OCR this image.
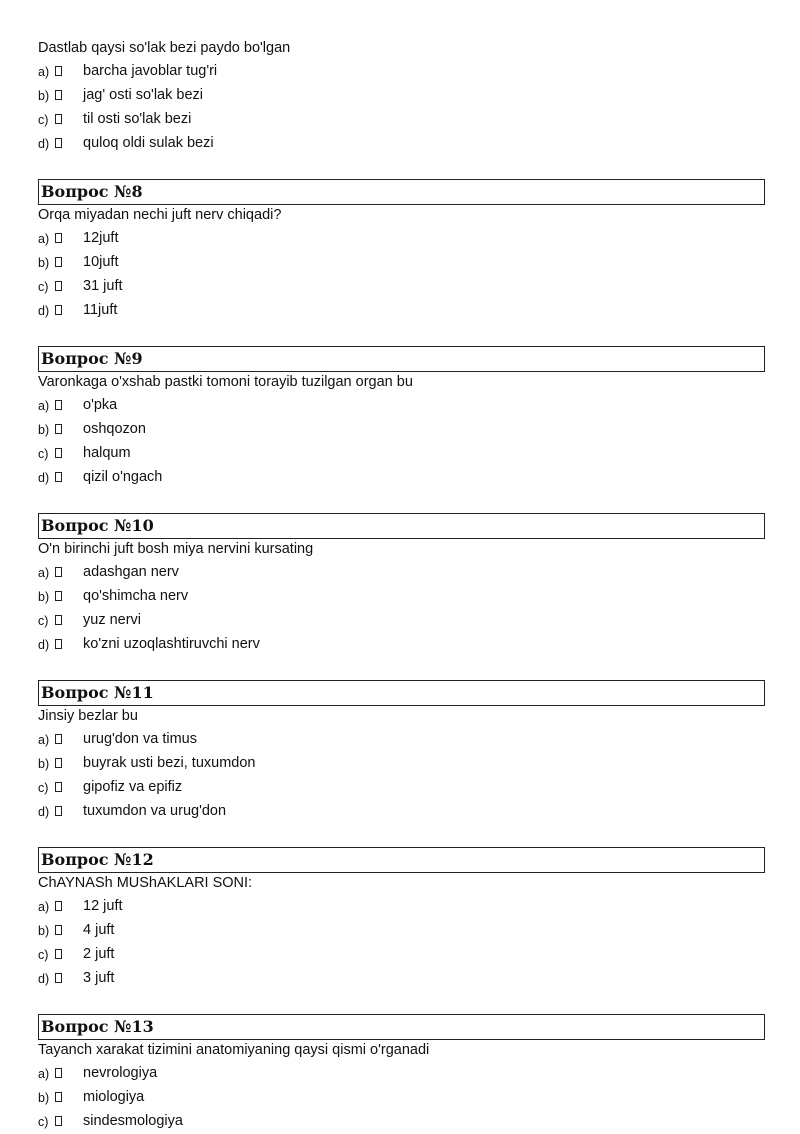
Dastlab qaysi so'lak bezi paydo bo'lgan
a) barcha javoblar tug'ri
b) jag' osti so'lak bezi
c) til osti so'lak bezi
d) quloq oldi sulak bezi
Вопрос №8
Orqa miyadan nechi juft nerv chiqadi?
a) 12juft
b) 10juft
c) 31 juft
d) 11juft
Вопрос №9
Varonkaga o'xshab pastki tomoni torayib tuzilgan organ bu
a) o'pka
b) oshqozon
c) halqum
d) qizil o'ngach
Вопрос №10
O'n birinchi juft bosh miya nervini kursating
a) adashgan nerv
b) qo'shimcha nerv
c) yuz nervi
d) ko'zni uzoqlashtiruvchi nerv
Вопрос №11
Jinsiy bezlar bu
a) urug'don va timus
b) buyrak usti bezi, tuxumdon
c) gipofiz va epifiz
d) tuxumdon va urug'don
Вопрос №12
ChAYNASh MUShAKLARI SONI:
a) 12 juft
b) 4 juft
c) 2 juft
d) 3 juft
Вопрос №13
Tayanch xarakat tizimini anatomiyaning qaysi qismi o'rganadi
a) nevrologiya
b) miologiya
c) sindesmologiya
